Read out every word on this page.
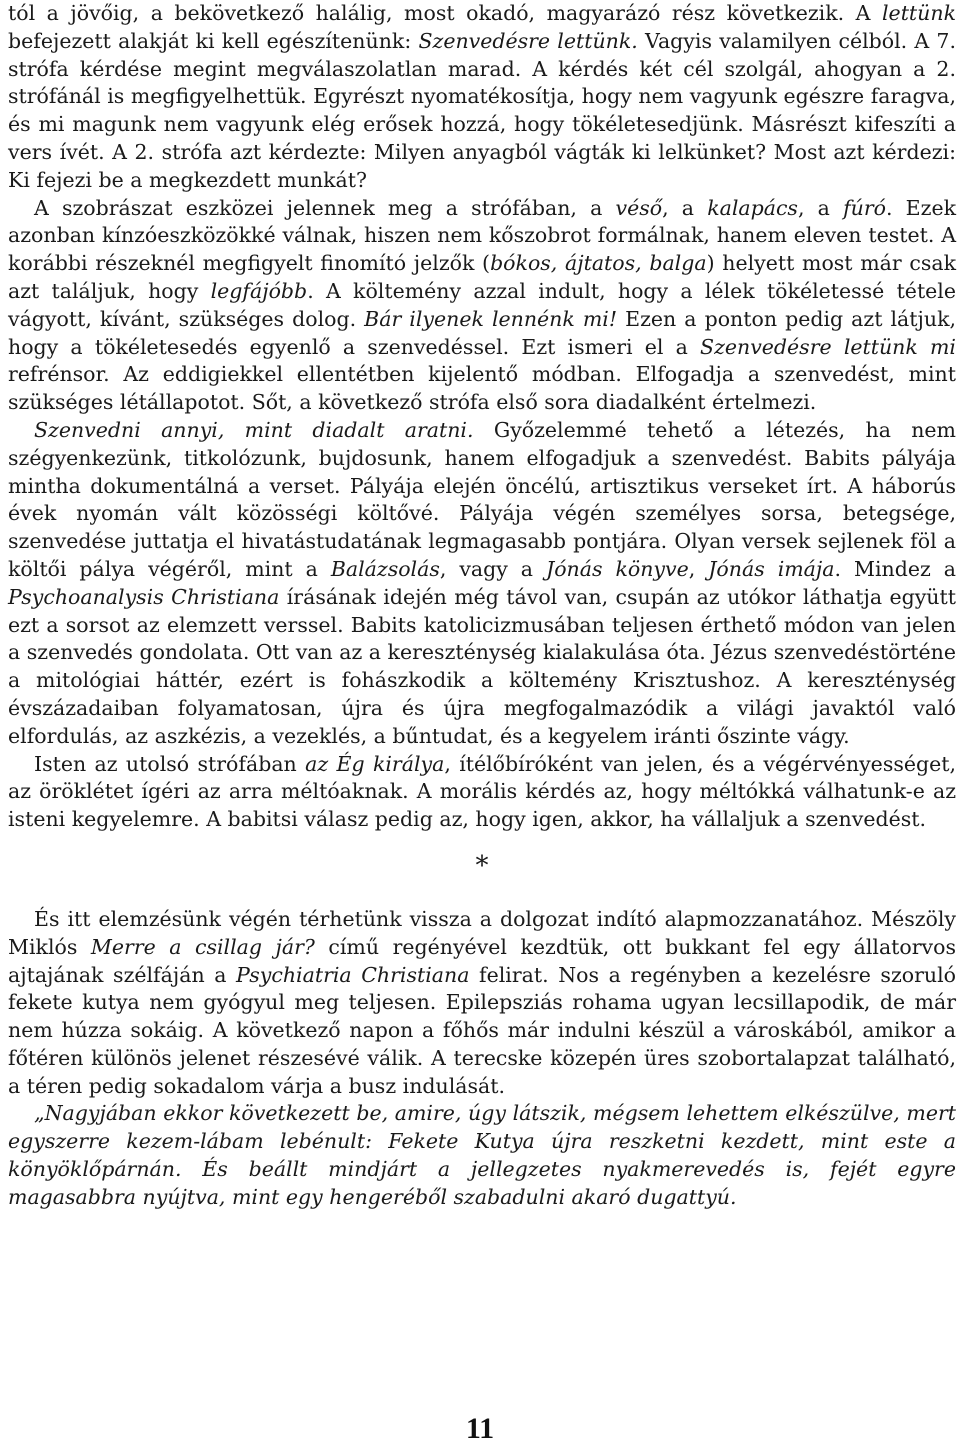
tól a jövőig, a bekövetkező halálig, most okadó, magyarázó rész következik. A lettünk befejezett alakját ki kell egészítenünk: Szenvedésre lettünk. Vagyis valamilyen célból. A 7. strófa kérdése megint megválaszolatlan marad. A kérdés két cél szolgál, ahogyan a 2. strófánál is megfigyelhettük. Egyrészt nyomatékosítja, hogy nem vagyunk egészre faragva, és mi magunk nem vagyunk elég erősek hozzá, hogy tökéletesedjünk. Másrészt kifeszíti a vers ívét. A 2. strófa azt kérdezte: Milyen anyagból vágták ki lelkünket? Most azt kérdezi: Ki fejezi be a megkezdett munkát?

A szobrászat eszközei jelennek meg a strófában, a véső, a kalapács, a fúró. Ezek azonban kínzóeszközökké válnak, hiszen nem kőszobrot formálnak, hanem eleven testet. A korábbi részeknél megfigyelt finomító jelzők (bókos, ájtatos, balga) helyett most már csak azt találjuk, hogy legfájóbb. A költemény azzal indult, hogy a lélek tökéletessé tétele vágyott, kívánt, szükséges dolog. Bár ilyenek lennénk mi! Ezen a ponton pedig azt látjuk, hogy a tökéletesedés egyenlő a szenvedéssel. Ezt ismeri el a Szenvedésre lettünk mi refrénsor. Az eddigiekkel ellentétben kijelentő módban. Elfogadja a szenvedést, mint szükséges létállapotot. Sőt, a következő strófa első sora diadalként értelmezi.

Szenvedni annyi, mint diadalt aratni. Győzelemmé tehető a létezés, ha nem szégyenkezünk, titkolózunk, bujdosunk, hanem elfogadjuk a szenvedést. Babits pályája mintha dokumentálná a verset. Pályája elején öncélú, artisztikus verseket írt. A háborús évek nyomán vált közösségi költővé. Pályája végén személyes sorsa, betegsége, szenvedése juttatja el hivatástudatának legmagasabb pontjára. Olyan versek sejlenek föl a költői pálya végéről, mint a Balázsolás, vagy a Jónás könyve, Jónás imája. Mindez a Psychoanalysis Christiana írásának idején még távol van, csupán az utókor láthatja együtt ezt a sorsot az elemzett verssel. Babits katolicizmusában teljesen érthető módon van jelen a szenvedés gondolata. Ott van az a kereszténység kialakulása óta. Jézus szenvedéstörténe a mitológiai háttér, ezért is fohászkodik a költemény Krisztushoz. A kereszténység évszázadaiban folyamatosan, újra és újra megfogalmazódik a világi javaktól való elfordulás, az aszkézis, a vezeklés, a bűntudat, és a kegyelem iránti őszinte vágy.

Isten az utolsó strófában az Ég királya, ítélőbíróként van jelen, és a végérvényességet, az öröklétet ígéri az arra méltóaknak. A morális kérdés az, hogy méltókká válhatunk-e az isteni kegyelemre. A babitsi válasz pedig az, hogy igen, akkor, ha vállaljuk a szenvedést.

*

És itt elemzésünk végén térhetünk vissza a dolgozat indító alapmozzanatához. Mészöly Miklós Merre a csillag jár? című regényével kezdtük, ott bukkant fel egy állatorvos ajtajának szélfáján a Psychiatria Christiana felirat. Nos a regényben a kezelésre szoruló fekete kutya nem gyógyul meg teljesen. Epilepsziás rohama ugyan lecsillapodik, de már nem húzza sokáig. A következő napon a főhős már indulni készül a városkából, amikor a főtéren különös jelenet részesévé válik. A terecske közepén üres szobortalapzat található, a téren pedig sokadalom várja a busz indulását.

„Nagyjában ekkor következett be, amire, úgy látszik, mégsem lehettem elkészülve, mert egyszerre kezem-lábam lebénult: Fekete Kutya újra reszketni kezdett, mint este a könyöklőpárnán. És beállt mindjárt a jellegzetes nyakmerevedés is, fejét egyre magasabbra nyújtva, mint egy hengeréből szabadulni akaró dugattyú.

11
